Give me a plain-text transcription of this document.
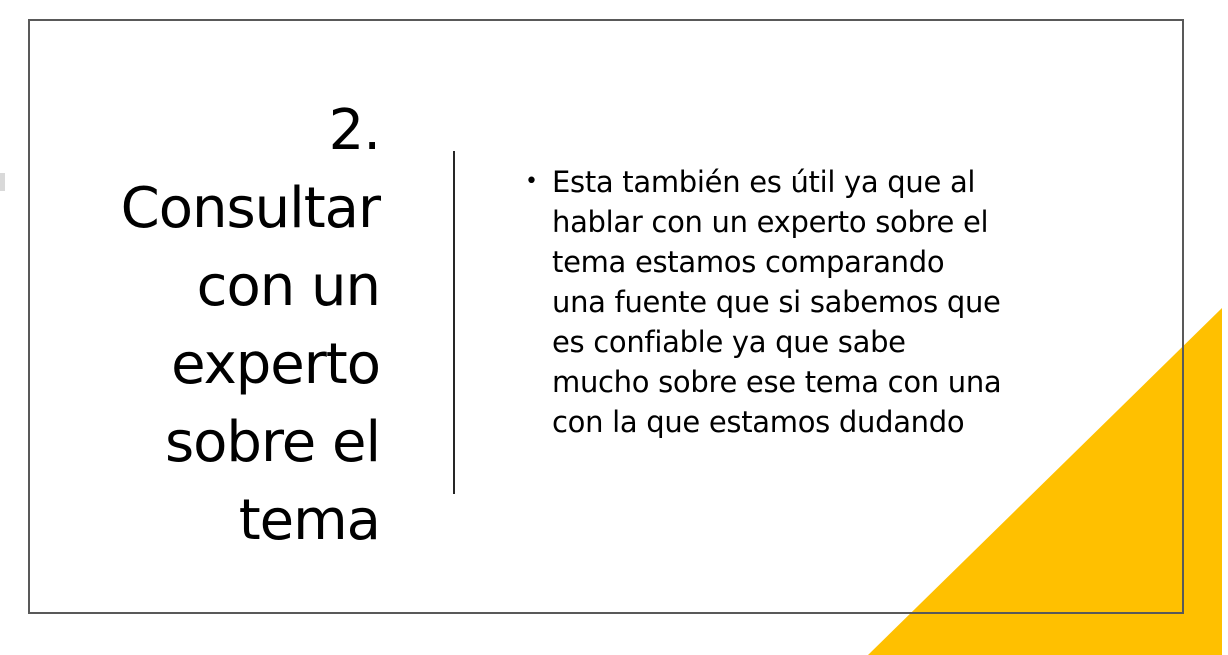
2. Consultar con un experto sobre el tema
• Esta también es útil ya que al hablar con un experto sobre el tema estamos comparando una fuente que si sabemos que es confiable ya que sabe mucho sobre ese tema con una con la que estamos dudando
